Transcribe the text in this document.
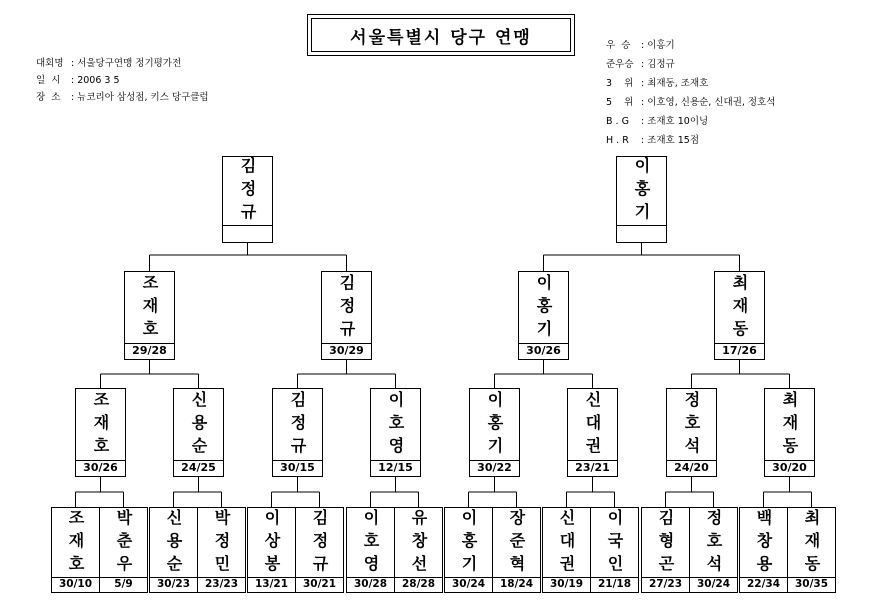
서울특별시 당구 연맹
대회명 : 서울당구연맹 정기평가전
일  시	: 2006 3 5
장  소	: 뉴코리아 삼성점, 키스 당구클럽
우  승	: 이홍기
준우승 : 김정규
3    위 : 최재동, 조재호
5    위 : 이호영, 신용순, 신대권, 정호석
B . G	: 조재호 10이닝
H . R	: 조재호 15점
김정규	이홍기
조재호
29/28
김정규
30/29
이홍기
30/26
최재동
17/26
조재호
30/26
신용순
24/25
김정규
30/15
이호영
12/15
이홍기
30/22
신대권
23/21
정호석
24/20
최재동
30/20
조재호
30/10
박춘우
5/9
신용순
30/23
박정민
23/23
이상봉
13/21
김정규
30/21
이호영
30/28
유창선
28/28
이홍기
30/24
장준혁
18/24
신대권
30/19
이국인
21/18
김형곤
27/23
정호석
30/24
백창용
22/34
최재동
30/35
